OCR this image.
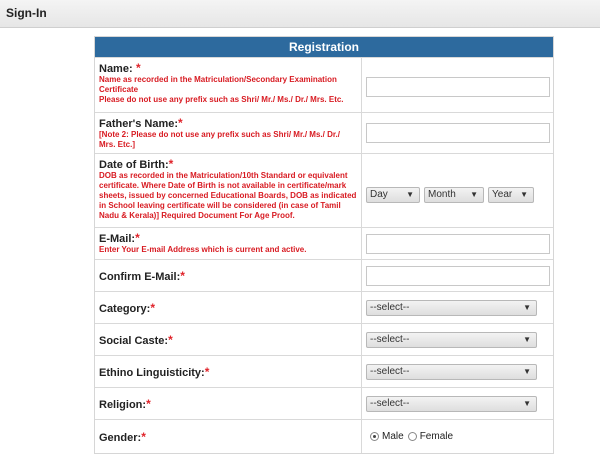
Sign-In
Registration
Name: *
Name as recorded in the Matriculation/Secondary Examination Certificate
Please do not use any prefix such as Shri/ Mr./ Ms./ Dr./ Mrs. Etc.
Father's Name:*
[Note 2: Please do not use any prefix such as Shri/ Mr./ Ms./ Dr./ Mrs. Etc.]
Date of Birth:*
DOB as recorded in the Matriculation/10th Standard or equivalent certificate. Where Date of Birth is not available in certificate/mark sheets, issued by concerned Educational Boards, DOB as indicated in School leaving certificate will be considered (in case of Tamil Nadu & Kerala)] Required Document For Age Proof.
Day ▼	Month ▼	Year ▼
E-Mail:*
Enter Your E-mail Address which is current and active.
Confirm E-Mail:*
Category:*	--select--	▼
Social Caste:*	--select--	▼
Ethino Linguisticity:*	--select--	▼
Religion:*	--select--	▼
Gender:*	Male Female
